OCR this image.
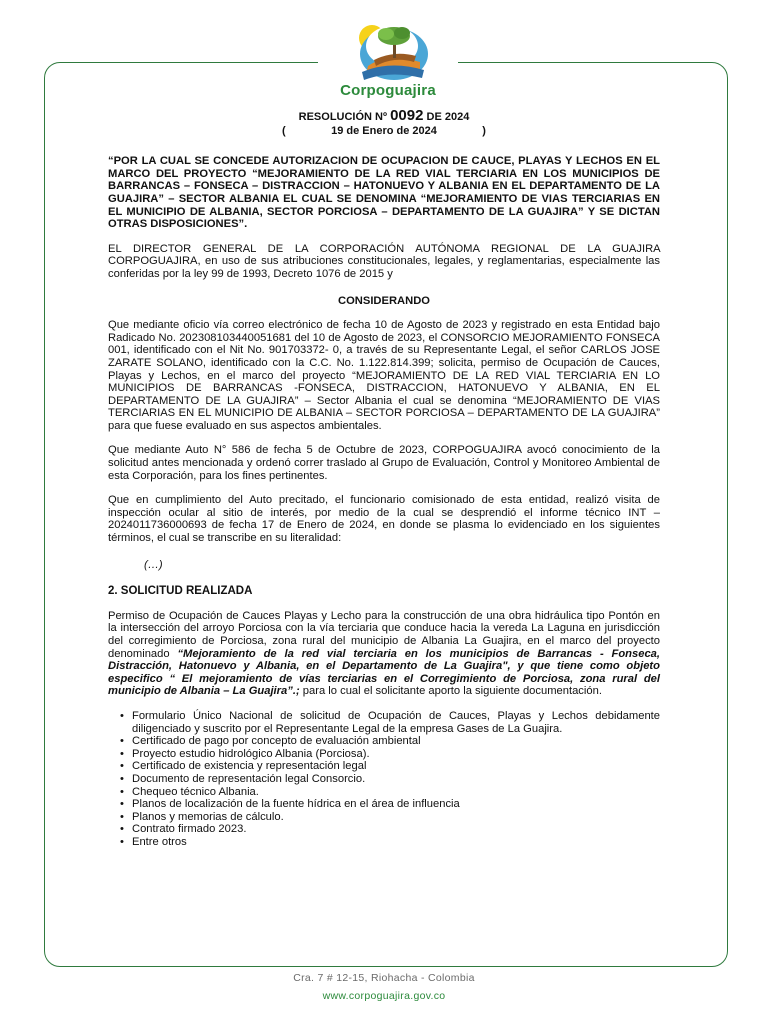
Corpoguajira
RESOLUCIÓN Nº 0092 DE 2024
(	19 de Enero de 2024	)

“POR LA CUAL SE CONCEDE AUTORIZACION DE OCUPACION DE CAUCE, PLAYAS Y LECHOS EN EL MARCO DEL PROYECTO “MEJORAMIENTO DE LA RED VIAL TERCIARIA EN LOS MUNICIPIOS DE BARRANCAS – FONSECA – DISTRACCION – HATONUEVO Y ALBANIA EN EL DEPARTAMENTO DE LA GUAJIRA” – SECTOR ALBANIA EL CUAL SE DENOMINA “MEJORAMIENTO DE VIAS TERCIARIAS EN EL MUNICIPIO DE ALBANIA, SECTOR PORCIOSA – DEPARTAMENTO DE LA GUAJIRA” Y SE DICTAN OTRAS DISPOSICIONES”.

EL DIRECTOR GENERAL DE LA CORPORACIÓN AUTÓNOMA REGIONAL DE LA GUAJIRA CORPOGUAJIRA, en uso de sus atribuciones constitucionales, legales, y reglamentarias, especialmente las conferidas por la ley 99 de 1993, Decreto 1076 de 2015 y

CONSIDERANDO

Que mediante oficio vía correo electrónico de fecha 10 de Agosto de 2023 y registrado en esta Entidad bajo Radicado No. 20230810344005168​1 del 10 de Agosto de 2023, el CONSORCIO MEJORAMIENTO FONSECA 001, identificado con el Nit No. 901703372- 0, a través de su Representante Legal, el señor CARLOS JOSE ZARATE SOLANO, identificado con la C.C. No. 1.122.814.399; solicita, permiso de Ocupación de Cauces, Playas y Lechos, en el marco del proyecto “MEJORAMIENTO DE LA RED VIAL TERCIARIA EN LO MUNICIPIOS DE BARRANCAS -FONSECA, DISTRACCION, HATONUEVO Y ALBANIA, EN EL DEPARTAMENTO DE LA GUAJIRA” – Sector Albania el cual se denomina “MEJORAMIENTO DE VIAS TERCIARIAS EN EL MUNICIPIO DE ALBANIA – SECTOR PORCIOSA – DEPARTAMENTO DE LA GUAJIRA” para que fuese evaluado en sus aspectos ambientales.

Que mediante Auto N° 586 de fecha 5 de Octubre de 2023, CORPOGUAJIRA avocó conocimiento de la solicitud antes mencionada y ordenó correr traslado al Grupo de Evaluación, Control y Monitoreo Ambiental de esta Corporación, para los fines pertinentes.

Que en cumplimiento del Auto precitado, el funcionario comisionado de esta entidad, realizó visita de inspección ocular al sitio de interés, por medio de la cual se desprendió el informe técnico INT – 2024011736000693 de fecha 17 de Enero de 2024, en donde se plasma lo evidenciado en los siguientes términos, el cual se transcribe en su literalidad:

(…)
2. SOLICITUD REALIZADA

Permiso de Ocupación de Cauces Playas y Lecho para la construcción de una obra hidráulica tipo Pontón en la intersección del arroyo Porciosa con la vía terciaria que conduce hacia la vereda La Laguna en jurisdicción del corregimiento de Porciosa, zona rural del municipio de Albania La Guajira, en el marco del proyecto denominado “Mejoramiento de la red vial terciaria en los municipios de Barrancas - Fonseca, Distracción, Hatonuevo y Albania, en el Departamento de La Guajira", y que tiene como objeto especifico “ El mejoramiento de vías terciarias en el Corregimiento de Porciosa, zona rural del municipio de Albania – La Guajira”.; para lo cual el solicitante aporto la siguiente documentación.

• Formulario Único Nacional de solicitud de Ocupación de Cauces, Playas y Lechos debidamente diligenciado y suscrito por el Representante Legal de la empresa Gases de La Guajira.
• Certificado de pago por concepto de evaluación ambiental
• Proyecto estudio hidrológico Albania (Porciosa).
• Certificado de existencia y representación legal
• Documento de representación legal Consorcio.
• Chequeo técnico Albania.
• Planos de localización de la fuente hídrica en el área de influencia
• Planos y memorias de cálculo.
• Contrato firmado 2023.
• Entre otros
Cra. 7 # 12-15, Riohacha - Colombia
www.corpoguajira.gov.co
